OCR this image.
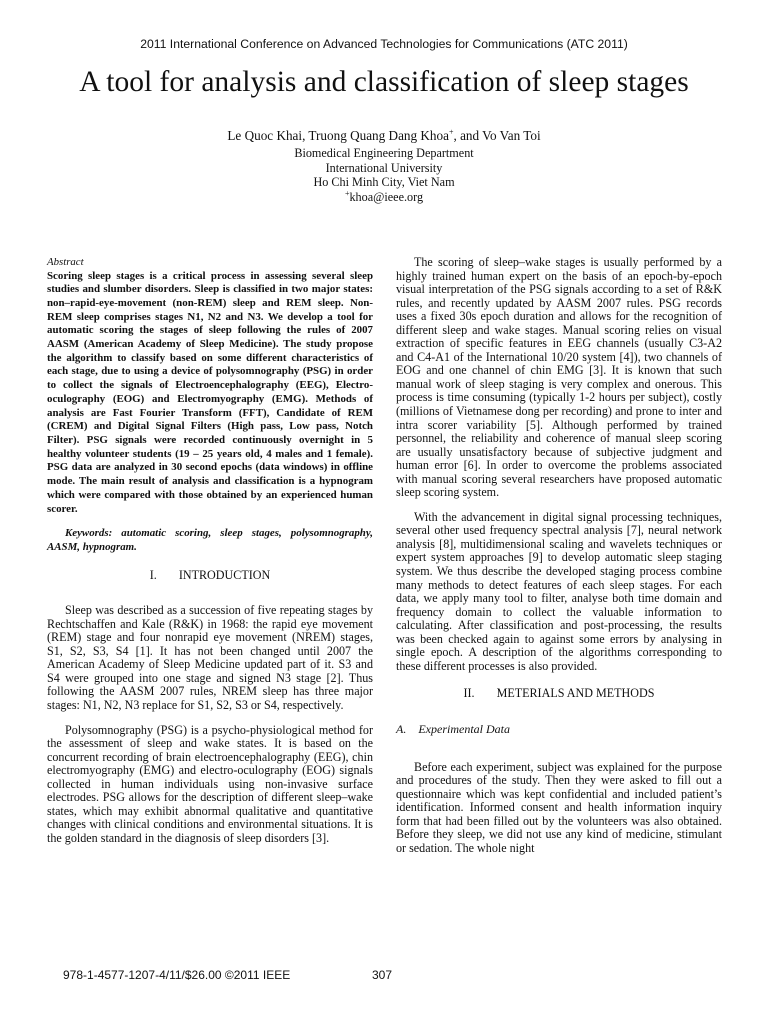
2011 International Conference on Advanced Technologies for Communications (ATC 2011)
A tool for analysis and classification of sleep stages
Le Quoc Khai, Truong Quang Dang Khoa+, and Vo Van Toi
Biomedical Engineering Department
International University
Ho Chi Minh City, Viet Nam
+khoa@ieee.org

Abstract

Scoring sleep stages is a critical process in assessing several sleep studies and slumber disorders. Sleep is classified in two major states: non–rapid-eye-movement (non-REM) sleep and REM sleep. Non-REM sleep comprises stages N1, N2 and N3. We develop a tool for automatic scoring the stages of sleep following the rules of 2007 AASM (American Academy of Sleep Medicine). The study propose the algorithm to classify based on some different characteristics of each stage, due to using a device of polysomnography (PSG) in order to collect the signals of Electroencephalography (EEG), Electro-oculography (EOG) and Electromyography (EMG). Methods of analysis are Fast Fourier Transform (FFT), Candidate of REM (CREM) and Digital Signal Filters (High pass, Low pass, Notch Filter). PSG signals were recorded continuously overnight in 5 healthy volunteer students (19 – 25 years old, 4 males and 1 female). PSG data are analyzed in 30 second epochs (data windows) in offline mode. The main result of analysis and classification is a hypnogram which were compared with those obtained by an experienced human scorer.

Keywords: automatic scoring, sleep stages, polysomnography, AASM, hypnogram.

I. INTRODUCTION

Sleep was described as a succession of five repeating stages by Rechtschaffen and Kale (R&K) in 1968: the rapid eye movement (REM) stage and four nonrapid eye movement (NREM) stages, S1, S2, S3, S4 [1]. It has not been changed until 2007 the American Academy of Sleep Medicine updated part of it. S3 and S4 were grouped into one stage and signed N3 stage [2]. Thus following the AASM 2007 rules, NREM sleep has three major stages: N1, N2, N3 replace for S1, S2, S3 or S4, respectively.

Polysomnography (PSG) is a psycho-physiological method for the assessment of sleep and wake states. It is based on the concurrent recording of brain electroencephalography (EEG), chin electromyography (EMG) and electro-oculography (EOG) signals collected in human individuals using non-invasive surface electrodes. PSG allows for the description of different sleep–wake states, which may exhibit abnormal qualitative and quantitative changes with clinical conditions and environmental situations. It is the golden standard in the diagnosis of sleep disorders [3].

The scoring of sleep–wake stages is usually performed by a highly trained human expert on the basis of an epoch-by-epoch visual interpretation of the PSG signals according to a set of R&K rules, and recently updated by AASM 2007 rules. PSG records uses a fixed 30s epoch duration and allows for the recognition of different sleep and wake stages. Manual scoring relies on visual extraction of specific features in EEG channels (usually C3-A2 and C4-A1 of the International 10/20 system [4]), two channels of EOG and one channel of chin EMG [3]. It is known that such manual work of sleep staging is very complex and onerous. This process is time consuming (typically 1-2 hours per subject), costly (millions of Vietnamese dong per recording) and prone to inter and intra scorer variability [5]. Although performed by trained personnel, the reliability and coherence of manual sleep scoring are usually unsatisfactory because of subjective judgment and human error [6]. In order to overcome the problems associated with manual scoring several researchers have proposed automatic sleep scoring system.

With the advancement in digital signal processing techniques, several other used frequency spectral analysis [7], neural network analysis [8], multidimensional scaling and wavelets techniques or expert system approaches [9] to develop automatic sleep staging system. We thus describe the developed staging process combine many methods to detect features of each sleep stages. For each data, we apply many tool to filter, analyse both time domain and frequency domain to collect the valuable information to calculating. After classification and post-processing, the results was been checked again to against some errors by analysing in single epoch. A description of the algorithms corresponding to these different processes is also provided.

II. METERIALS AND METHODS

A. Experimental Data

Before each experiment, subject was explained for the purpose and procedures of the study. Then they were asked to fill out a questionnaire which was kept confidential and included patient’s identification. Informed consent and health information inquiry form that had been filled out by the volunteers was also obtained. Before they sleep, we did not use any kind of medicine, stimulant or sedation. The whole night

978-1-4577-1207-4/11/$26.00 ©2011 IEEE	307
